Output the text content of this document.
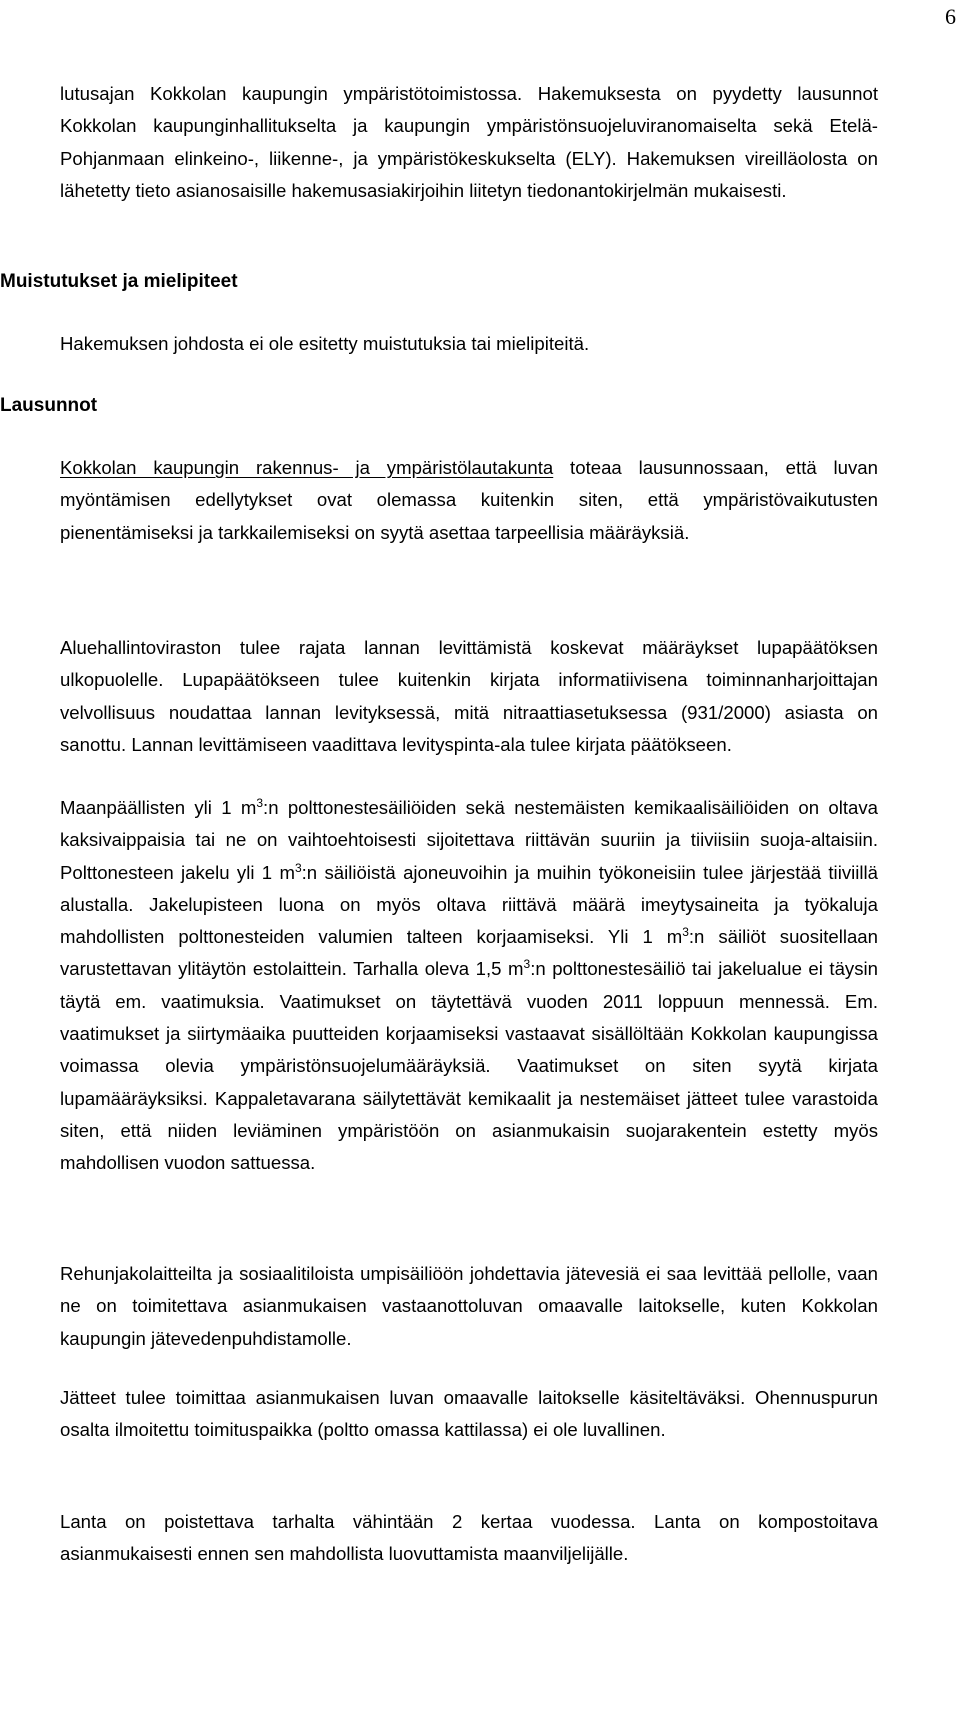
6

lutusajan Kokkolan kaupungin ympäristötoimistossa. Hakemuksesta on pyydetty lausunnot Kokkolan kaupunginhallitukselta ja kaupungin ympäristönsuojeluviranomaiselta sekä Etelä-Pohjanmaan elinkeino-, liikenne-, ja ympäristökeskukselta (ELY). Hakemuksen vireilläolosta on lähetetty tieto asianosaisille hakemusasiakirjoihin liitetyn tiedonantokirjelmän mukaisesti.

Muistutukset ja mielipiteet

Hakemuksen johdosta ei ole esitetty muistutuksia tai mielipiteitä.

Lausunnot

Kokkolan kaupungin rakennus- ja ympäristölautakunta toteaa lausunnossaan, että luvan myöntämisen edellytykset ovat olemassa kuitenkin siten, että ympäristövaikutusten pienentämiseksi ja tarkkailemiseksi on syytä asettaa tarpeellisia määräyksiä.

Aluehallintoviraston tulee rajata lannan levittämistä koskevat määräykset lupapäätöksen ulkopuolelle. Lupapäätökseen tulee kuitenkin kirjata informatiivisena toiminnanharjoittajan velvollisuus noudattaa lannan levityksessä, mitä nitraattiasetuksessa (931/2000) asiasta on sanottu. Lannan levittämiseen vaadittava levityspinta-ala tulee kirjata päätökseen.

Maanpäällisten yli 1 $m^3:n$ polttonestesäiliöiden sekä nestemäisten kemikaalisäiliöiden on oltava kaksivaippaisia tai ne on vaihtoehtoisesti sijoitettava riittävän suuriin ja tiiviisiin suoja-altaisiin. Polttonesteen jakelu yli 1 $m^3:n$ säiliöistä ajoneuvoihin ja muihin työkoneisiin tulee järjestää tiiviillä alustalla. Jakelupisteen luona on myös oltava riittävä määrä imeytysaineita ja työkaluja mahdollisten polttonesteiden valumien talteen korjaamiseksi. Yli 1 $m^3:n$ säiliöt suositellaan varustettavan ylitäytön estolaittein. Tarhalla oleva 1,5 $m^3:n$ polttonestesäiliö tai jakelualue ei täysin täytä em. vaatimuksia. Vaatimukset on täytettävä vuoden 2011 loppuun mennessä. Em. vaatimukset ja siirtymäaika puutteiden korjaamiseksi vastaavat sisällöltään Kokkolan kaupungissa voimassa olevia ympäristönsuojelumääräyksiä. Vaatimukset on siten syytä kirjata lupamääräyksiksi. Kappaletavarana säilytettävät kemikaalit ja nestemäiset jätteet tulee varastoida siten, että niiden leviäminen ympäristöön on asianmukaisin suojarakentein estetty myös mahdollisen vuodon sattuessa.

Rehunjakolaitteilta ja sosiaalitiloista umpisäiliöön johdettavia jätevesiä ei saa levittää pellolle, vaan ne on toimitettava asianmukaisen vastaanottoluvan omaavalle laitokselle, kuten Kokkolan kaupungin jätevedenpuhdistamolle.

Jätteet tulee toimittaa asianmukaisen luvan omaavalle laitokselle käsiteltäväksi. Ohennuspurun osalta ilmoitettu toimituspaikka (poltto omassa kattilassa) ei ole luvallinen.

Lanta on poistettava tarhalta vähintään 2 kertaa vuodessa. Lanta on kompostoitava asianmukaisesti ennen sen mahdollista luovuttamista maanviljelijälle.
